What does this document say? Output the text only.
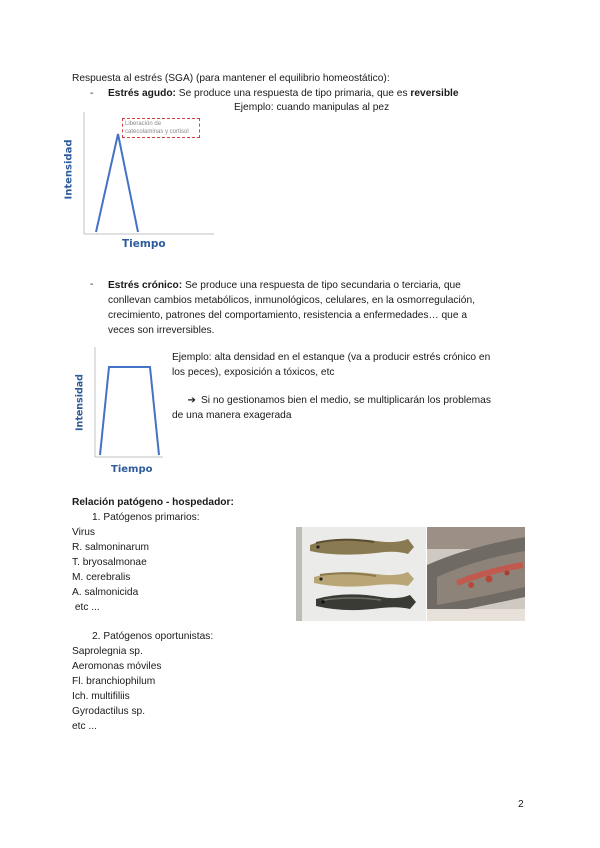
Respuesta al estrés (SGA) (para mantener el equilibrio homeostático):
- Estrés agudo: Se produce una respuesta de tipo primaria, que es reversible
Ejemplo: cuando manipulas al pez
Intensidad
Tiempo
Liberación de
catecolaminas y cortisol
- Estrés crónico: Se produce una respuesta de tipo secundaria o terciaria, que
conllevan cambios metabólicos, inmunológicos, celulares, en la osmorregulación,
crecimiento, patrones del comportamiento, resistencia a enfermedades… que a
veces son irreversibles.
Intensidad
Tiempo
Ejemplo: alta densidad en el estanque (va a producir estrés crónico en
los peces), exposición a tóxicos, etc
➔ Si no gestionamos bien el medio, se multiplicarán los problemas
de una manera exagerada
Relación patógeno - hospedador:
1. Patógenos primarios:
Virus
R. salmoninarum
T. bryosalmonae
M. cerebralis
A. salmonicida
etc ...
2. Patógenos oportunistas:
Saprolegnia sp.
Aeromonas móviles
Fl. branchiophilum
Ich. multifiliis
Gyrodactilus sp.
etc ...
2
